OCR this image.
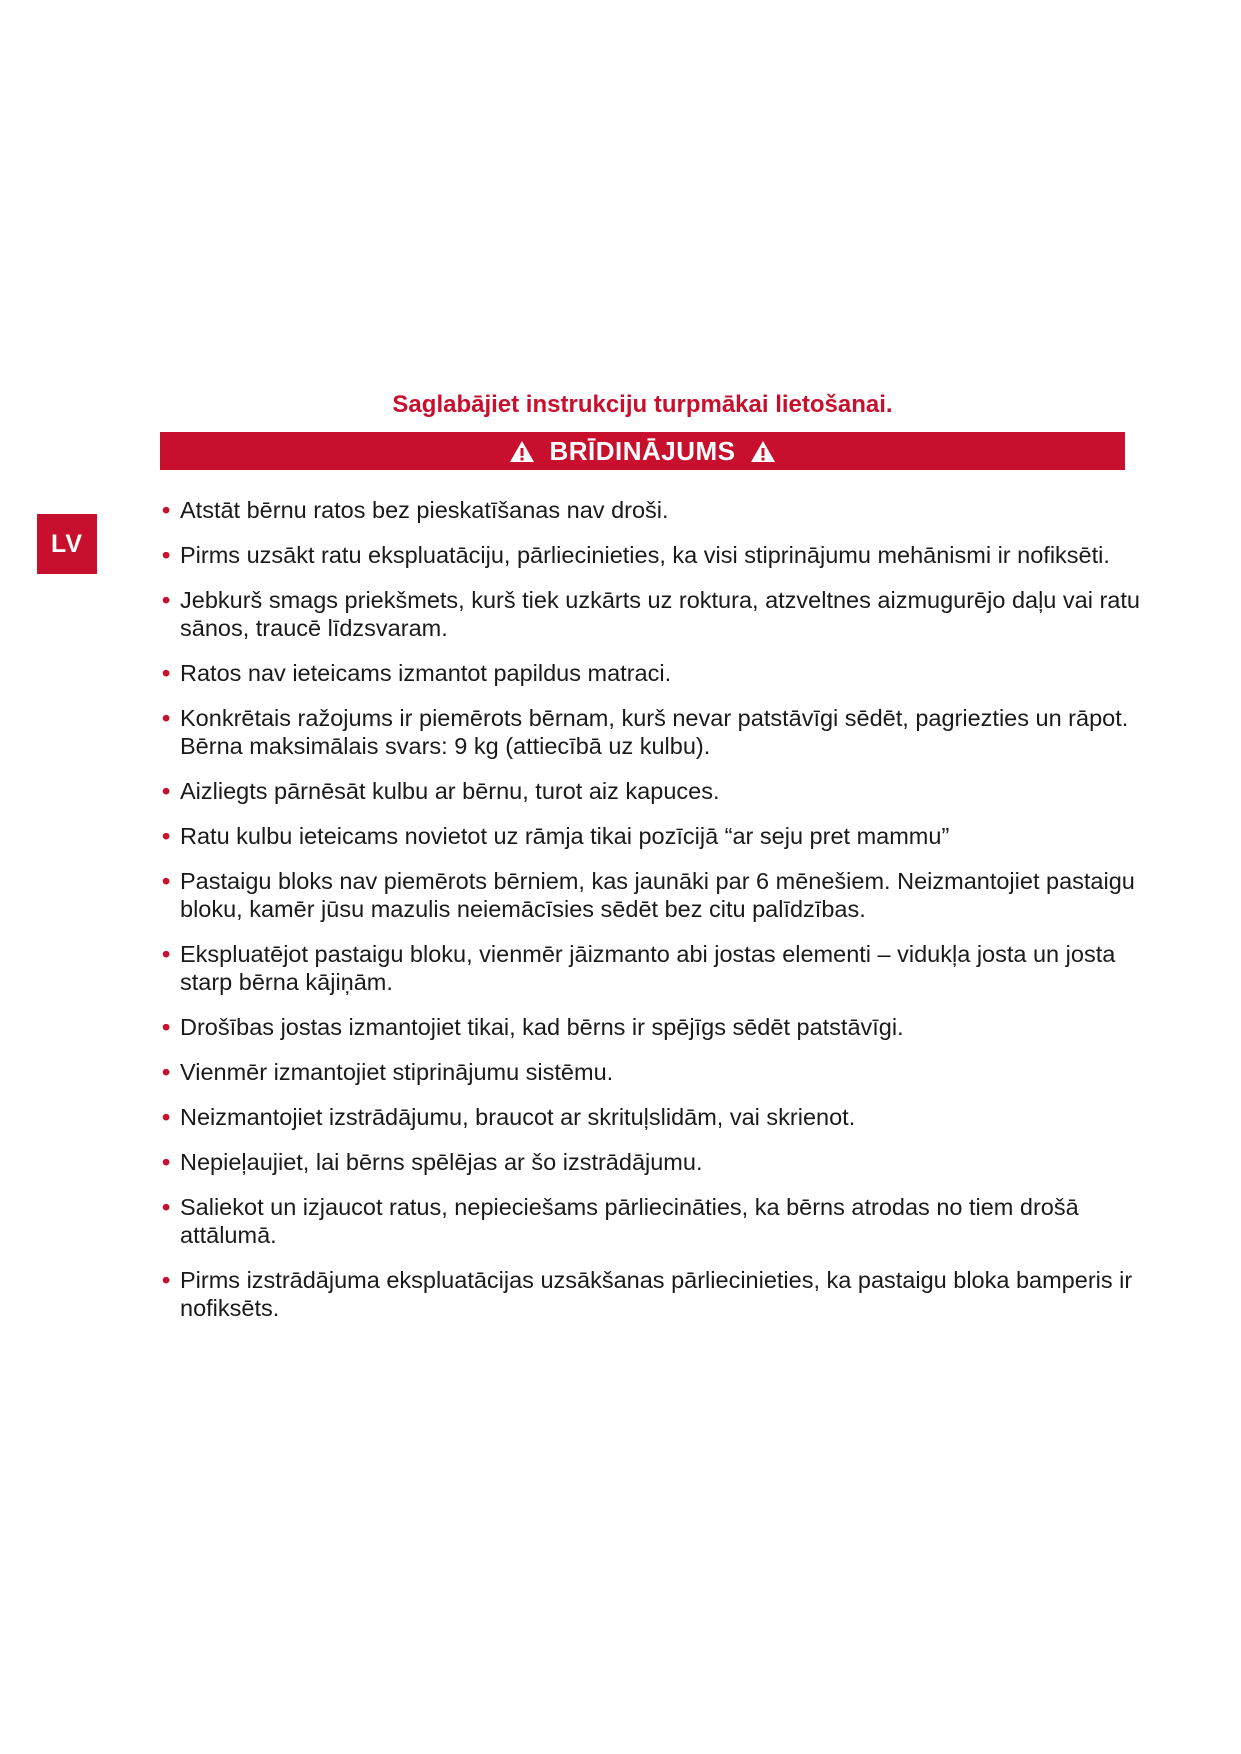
LV
Saglabājiet instrukciju turpmākai lietošanai.
BRĪDINĀJUMS
• Atstāt bērnu ratos bez pieskatīšanas nav droši.
• Pirms uzsākt ratu ekspluatāciju, pārliecinieties, ka visi stiprinājumu mehānismi ir nofiksēti.
• Jebkurš smags priekšmets, kurš tiek uzkārts uz roktura, atzveltnes aizmugurējo daļu vai ratu sānos, traucē līdzsvaram.
• Ratos nav ieteicams izmantot papildus matraci.
• Konkrētais ražojums ir piemērots bērnam, kurš nevar patstāvīgi sēdēt, pagriezties un rāpot. Bērna maksimālais svars: 9 kg (attiecībā uz kulbu).
• Aizliegts pārnēsāt kulbu ar bērnu, turot aiz kapuces.
• Ratu kulbu ieteicams novietot uz rāmja tikai pozīcijā “ar seju pret mammu”
• Pastaigu bloks nav piemērots bērniem, kas jaunāki par 6 mēnešiem. Neizmantojiet pastaigu bloku, kamēr jūsu mazulis neiemācīsies sēdēt bez citu palīdzības.
• Ekspluatējot pastaigu bloku, vienmēr jāizmanto abi jostas elementi – vidukļa josta un josta starp bērna kājiņām.
• Drošības jostas izmantojiet tikai, kad bērns ir spējīgs sēdēt patstāvīgi.
• Vienmēr izmantojiet stiprinājumu sistēmu.
• Neizmantojiet izstrādājumu, braucot ar skrituļslidām, vai skrienot.
• Nepieļaujiet, lai bērns spēlējas ar šo izstrādājumu.
• Saliekot un izjaucot ratus, nepieciešams pārliecināties, ka bērns atrodas no tiem drošā attālumā.
• Pirms izstrādājuma ekspluatācijas uzsākšanas pārliecinieties, ka pastaigu bloka bamperis ir nofiksēts.
